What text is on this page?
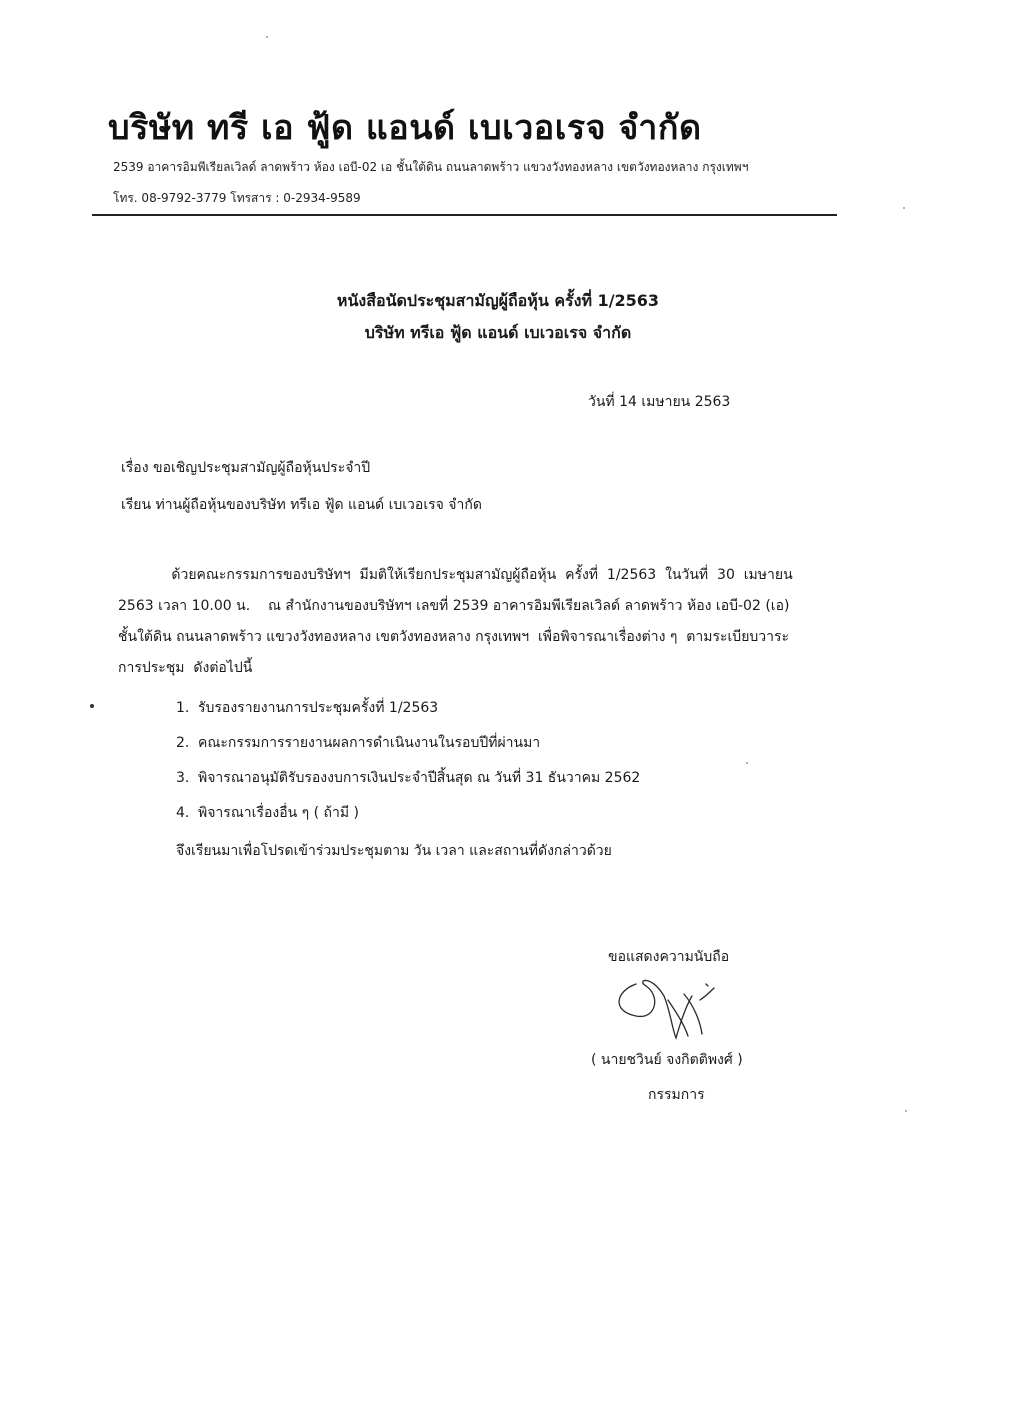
บริษัท ทรี เอ ฟู้ด แอนด์ เบเวอเรจ จำกัด
2539 อาคารอิมพีเรียลเวิลด์ ลาดพร้าว ห้อง เอบี-02 เอ ชั้นใต้ดิน ถนนลาดพร้าว แขวงวังทองหลาง เขตวังทองหลาง กรุงเทพฯ
โทร. 08-9792-3779 โทรสาร : 0-2934-9589
หนังสือนัดประชุมสามัญผู้ถือหุ้น ครั้งที่ 1/2563
บริษัท ทรีเอ ฟู้ด แอนด์ เบเวอเรจ จำกัด
วันที่ 14 เมษายน 2563
เรื่อง ขอเชิญประชุมสามัญผู้ถือหุ้นประจำปี
เรียน ท่านผู้ถือหุ้นของบริษัท ทรีเอ ฟู้ด แอนด์ เบเวอเรจ จำกัด
ด้วยคณะกรรมการของบริษัทฯ  มีมติให้เรียกประชุมสามัญผู้ถือหุ้น  ครั้งที่  1/2563  ในวันที่  30  เมษายน
2563 เวลา 10.00 น.    ณ สำนักงานของบริษัทฯ เลขที่ 2539 อาคารอิมพีเรียลเวิลด์ ลาดพร้าว ห้อง เอบี-02 (เอ)
ชั้นใต้ดิน ถนนลาดพร้าว แขวงวังทองหลาง เขตวังทองหลาง กรุงเทพฯ  เพื่อพิจารณาเรื่องต่าง ๆ  ตามระเบียบวาระ
การประชุม  ดังต่อไปนี้
1. รับรองรายงานการประชุมครั้งที่ 1/2563
2. คณะกรรมการรายงานผลการดำเนินงานในรอบปีที่ผ่านมา
3. พิจารณาอนุมัติรับรองงบการเงินประจำปีสิ้นสุด ณ วันที่ 31 ธันวาคม 2562
4. พิจารณาเรื่องอื่น ๆ ( ถ้ามี )
จึงเรียนมาเพื่อโปรดเข้าร่วมประชุมตาม วัน เวลา และสถานที่ดังกล่าวด้วย
ขอแสดงความนับถือ
( นายชวินย์ จงกิตติพงศ์ )
กรรมการ
